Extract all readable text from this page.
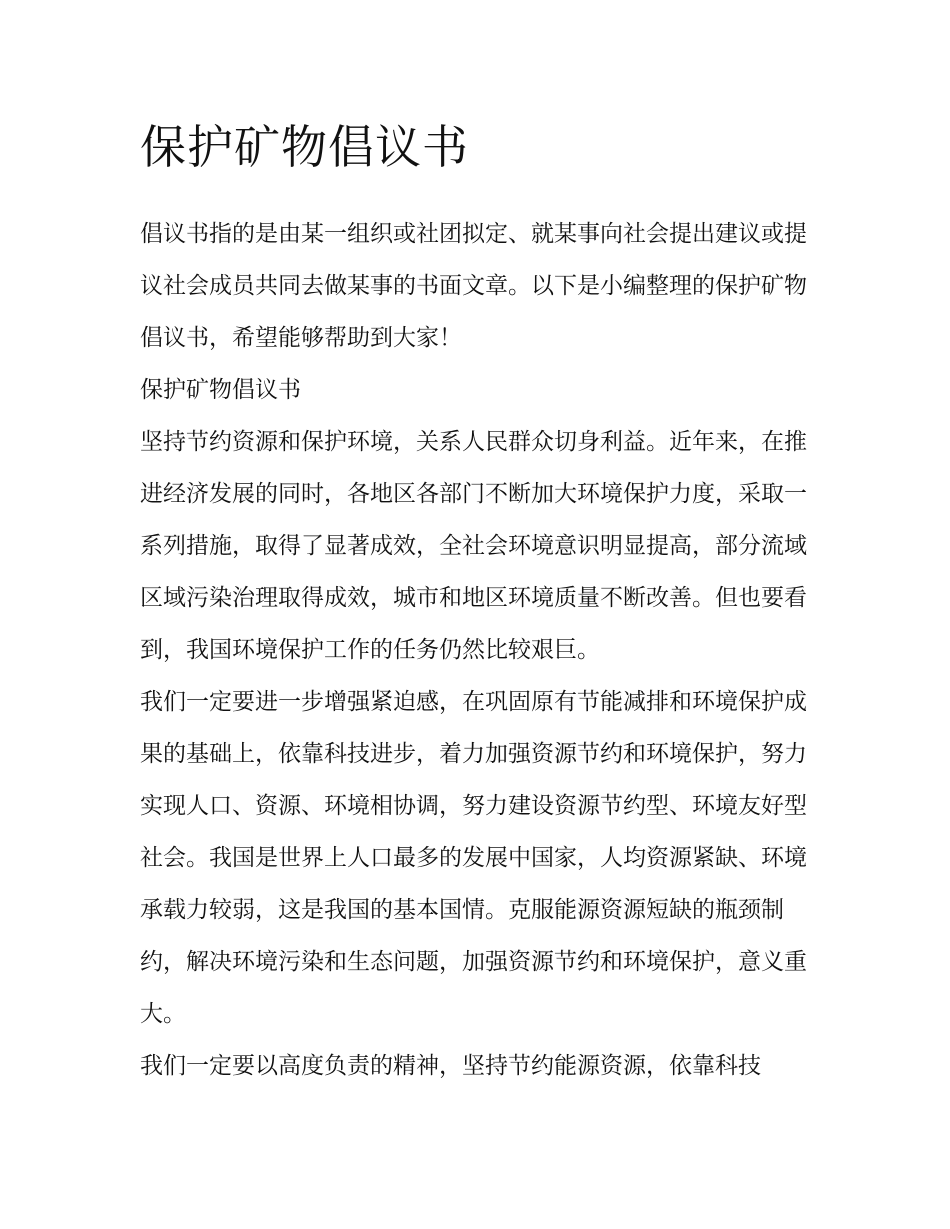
保护矿物倡议书

倡议书指的是由某一组织或社团拟定、就某事向社会提出建议或提议社会成员共同去做某事的书面文章。以下是小编整理的保护矿物倡议书，希望能够帮助到大家！

保护矿物倡议书

坚持节约资源和保护环境，关系人民群众切身利益。近年来，在推进经济发展的同时，各地区各部门不断加大环境保护力度，采取一系列措施，取得了显著成效，全社会环境意识明显提高，部分流域区域污染治理取得成效，城市和地区环境质量不断改善。但也要看到，我国环境保护工作的任务仍然比较艰巨。

我们一定要进一步增强紧迫感，在巩固原有节能减排和环境保护成果的基础上，依靠科技进步，着力加强资源节约和环境保护，努力实现人口、资源、环境相协调，努力建设资源节约型、环境友好型社会。我国是世界上人口最多的发展中国家，人均资源紧缺、环境承载力较弱，这是我国的基本国情。克服能源资源短缺的瓶颈制约，解决环境污染和生态问题，加强资源节约和环境保护，意义重大。

我们一定要以高度负责的精神，坚持节约能源资源，依靠科技
